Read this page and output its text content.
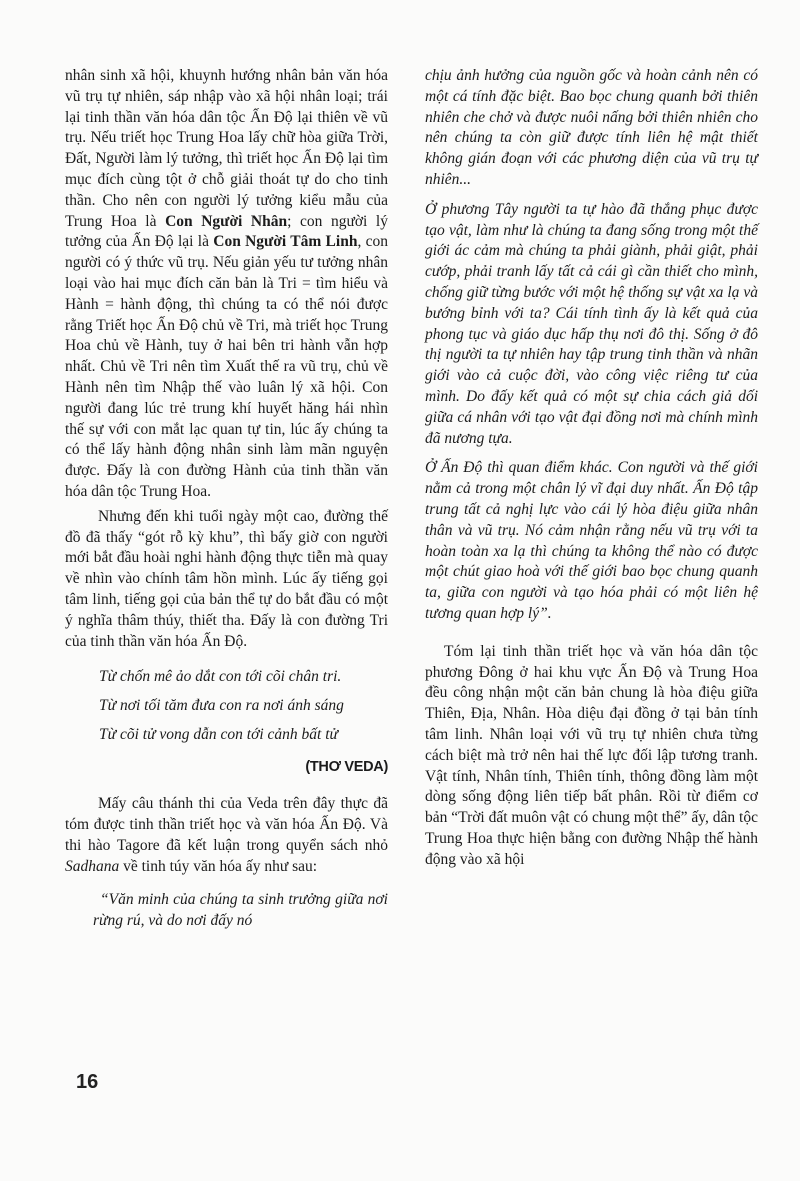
nhân sinh xã hội, khuynh hướng nhân bản văn hóa vũ trụ tự nhiên, sáp nhập vào xã hội nhân loại; trái lại tinh thần văn hóa dân tộc Ấn Độ lại thiên về vũ trụ. Nếu triết học Trung Hoa lấy chữ hòa giữa Trời, Đất, Người làm lý tưởng, thì triết học Ấn Độ lại tìm mục đích cùng tột ở chỗ giải thoát tự do cho tinh thần. Cho nên con người lý tưởng kiểu mẫu của Trung Hoa là Con Người Nhân; con người lý tưởng của Ấn Độ lại là Con Người Tâm Linh, con người có ý thức vũ trụ. Nếu giản yếu tư tưởng nhân loại vào hai mục đích căn bản là Tri = tìm hiểu và Hành = hành động, thì chúng ta có thể nói được rằng Triết học Ấn Độ chủ về Tri, mà triết học Trung Hoa chủ về Hành, tuy ở hai bên tri hành vẫn hợp nhất. Chủ về Tri nên tìm Xuất thế ra vũ trụ, chủ về Hành nên tìm Nhập thế vào luân lý xã hội. Con người đang lúc trẻ trung khí huyết hăng hái nhìn thế sự với con mắt lạc quan tự tin, lúc ấy chúng ta có thể lấy hành động nhân sinh làm mãn nguyện được. Đấy là con đường Hành của tinh thần văn hóa dân tộc Trung Hoa.

Nhưng đến khi tuổi ngày một cao, đường thế đồ đã thấy “gót rỗ kỳ khu”, thì bấy giờ con người mới bắt đầu hoài nghi hành động thực tiễn mà quay về nhìn vào chính tâm hồn mình. Lúc ấy tiếng gọi tâm linh, tiếng gọi của bản thể tự do bắt đầu có một ý nghĩa thâm thúy, thiết tha. Đấy là con đường Tri của tinh thần văn hóa Ấn Độ.

Từ chốn mê ảo dắt con tới cõi chân tri.
Từ nơi tối tăm đưa con ra nơi ánh sáng
Từ cõi tử vong dẫn con tới cảnh bất tử
(THƠ VEDA)

Mấy câu thánh thi của Veda trên đây thực đã tóm được tinh thần triết học và văn hóa Ấn Độ. Và thi hào Tagore đã kết luận trong quyển sách nhỏ Sadhana về tinh túy văn hóa ấy như sau:

“Văn minh của chúng ta sinh trưởng giữa nơi rừng rú, và do nơi đấy nó

chịu ảnh hưởng của nguồn gốc và hoàn cảnh nên có một cá tính đặc biệt. Bao bọc chung quanh bởi thiên nhiên che chở và được nuôi nấng bởi thiên nhiên cho nên chúng ta còn giữ được tính liên hệ mật thiết không gián đoạn với các phương diện của vũ trụ tự nhiên...

Ở phương Tây người ta tự hào đã thắng phục được tạo vật, làm như là chúng ta đang sống trong một thế giới ác cảm mà chúng ta phải giành, phải giật, phải cướp, phải tranh lấy tất cả cái gì cần thiết cho mình, chống giữ từng bước với một hệ thống sự vật xa lạ và bướng bỉnh với ta? Cái tính tình ấy là kết quả của phong tục và giáo dục hấp thụ nơi đô thị. Sống ở đô thị người ta tự nhiên hay tập trung tinh thần và nhãn giới vào cả cuộc đời, vào công việc riêng tư của mình. Do đấy kết quả có một sự chia cách giả dối giữa cá nhân với tạo vật đại đồng nơi mà chính mình đã nương tựa.

Ở Ấn Độ thì quan điểm khác. Con người và thế giới nằm cả trong một chân lý vĩ đại duy nhất. Ấn Độ tập trung tất cả nghị lực vào cái lý hòa điệu giữa nhân thân và vũ trụ. Nó cảm nhận rằng nếu vũ trụ với ta hoàn toàn xa lạ thì chúng ta không thể nào có được một chút giao hoà với thế giới bao bọc chung quanh ta, giữa con người và tạo hóa phải có một liên hệ tương quan hợp lý”.

Tóm lại tinh thần triết học và văn hóa dân tộc phương Đông ở hai khu vực Ấn Độ và Trung Hoa đều công nhận một căn bản chung là hòa điệu giữa Thiên, Địa, Nhân. Hòa diệu đại đồng ở tại bản tính tâm linh. Nhân loại với vũ trụ tự nhiên chưa từng cách biệt mà trở nên hai thế lực đối lập tương tranh. Vật tính, Nhân tính, Thiên tính, thông đồng làm một dòng sống động liên tiếp bất phân. Rồi từ điểm cơ bản “Trời đất muôn vật có chung một thể” ấy, dân tộc Trung Hoa thực hiện bằng con đường Nhập thế hành động vào xã hội

16
